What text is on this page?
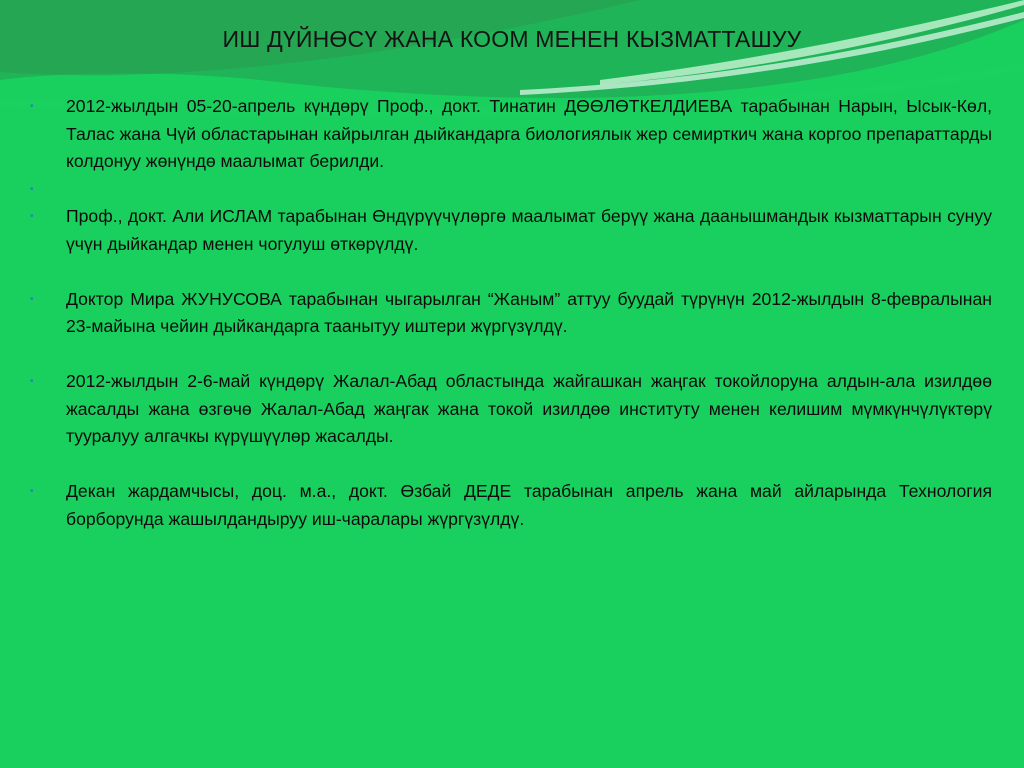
ИШ ДҮЙНӨСҮ ЖАНА КООМ МЕНЕН КЫЗМАТТАШУУ
• 2012-жылдын 05-20-апрель күндөрү Проф., докт. Тинатин ДӨӨЛӨТКЕЛДИЕВА тарабынан Нарын, Ысык-Көл, Талас жана Чүй областарынан кайрылган дыйкандарга биологиялык жер семирткич жана коргоо препараттарды колдонуу жөнүндө маалымат берилди.
•
• Проф., докт. Али ИСЛАМ тарабынан Өндүрүүчүлөргө маалымат берүү жана даанышмандык кызматтарын сунуу үчүн дыйкандар менен чогулуш өткөрүлдү.
• Доктор Мира ЖУНУСОВА тарабынан чыгарылган “Жаным” аттуу буудай түрүнүн 2012-жылдын 8-февралынан 23-майына чейин дыйкандарга таанытуу иштери жүргүзүлдү.
• 2012-жылдын 2-6-май күндөрү Жалал-Абад областында жайгашкан жаңгак токойлоруна алдын-ала изилдөө жасалды жана өзгөчө Жалал-Абад жаңгак жана токой изилдөө институту менен келишим мүмкүнчүлүктөрү тууралуу алгачкы күрүшүүлөр жасалды.
• Декан жардамчысы, доц. м.а., докт. Өзбай ДЕДЕ тарабынан апрель жана май айларында Технология борборунда жашылдандыруу иш-чаралары жүргүзүлдү.
